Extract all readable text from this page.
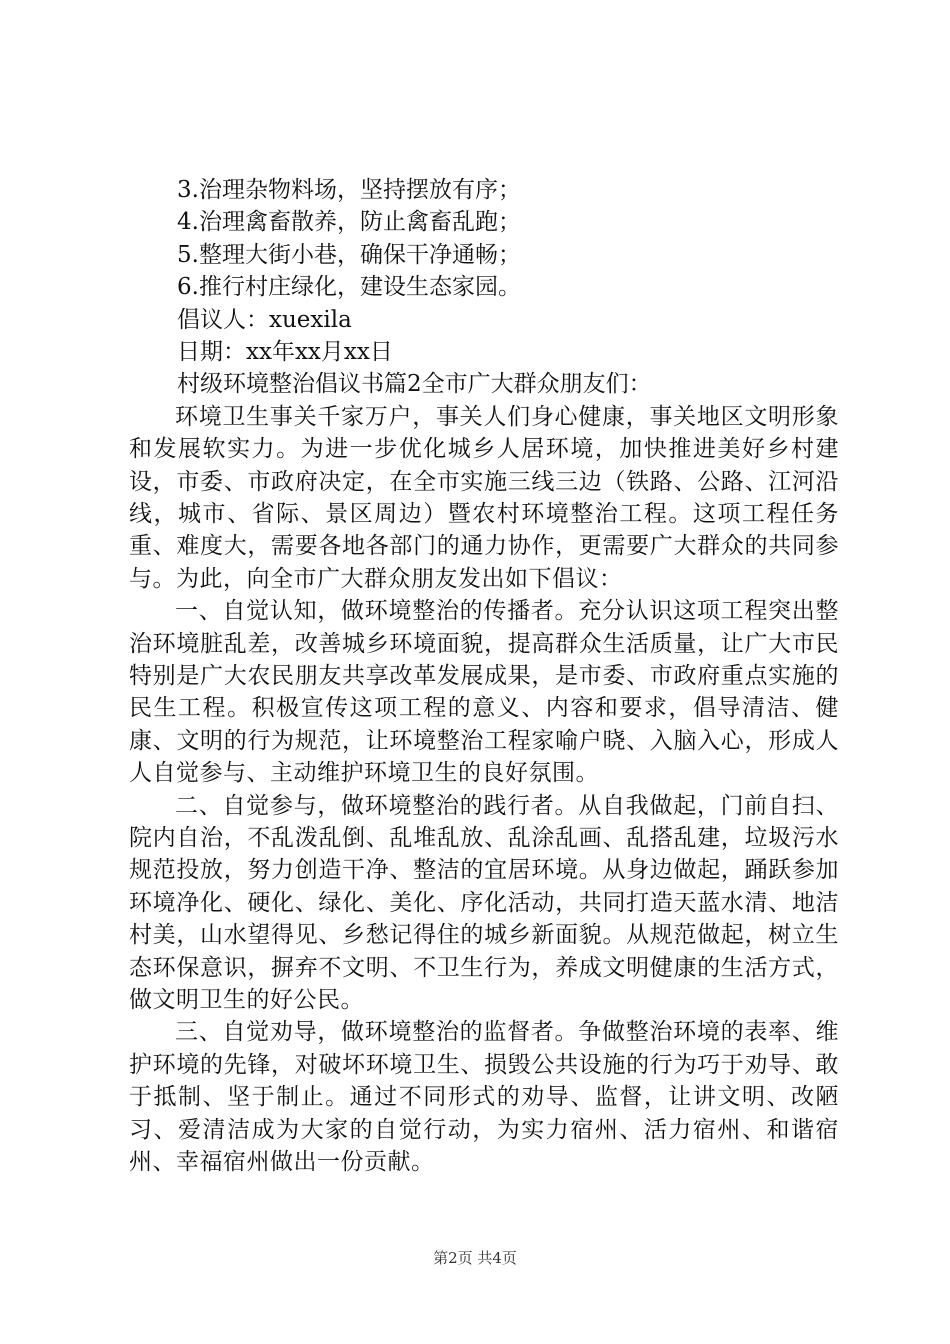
3.治理杂物料场，坚持摆放有序；
4.治理禽畜散养，防止禽畜乱跑；
5.整理大街小巷，确保干净通畅；
6.推行村庄绿化，建设生态家园。
倡议人：xuexila
日期：xx年xx月xx日
村级环境整治倡议书篇2全市广大群众朋友们：

环境卫生事关千家万户，事关人们身心健康，事关地区文明形象和发展软实力。为进一步优化城乡人居环境，加快推进美好乡村建设，市委、市政府决定，在全市实施三线三边（铁路、公路、江河沿线，城市、省际、景区周边）暨农村环境整治工程。这项工程任务重、难度大，需要各地各部门的通力协作，更需要广大群众的共同参与。为此，向全市广大群众朋友发出如下倡议：

一、自觉认知，做环境整治的传播者。充分认识这项工程突出整治环境脏乱差，改善城乡环境面貌，提高群众生活质量，让广大市民特别是广大农民朋友共享改革发展成果，是市委、市政府重点实施的民生工程。积极宣传这项工程的意义、内容和要求，倡导清洁、健康、文明的行为规范，让环境整治工程家喻户晓、入脑入心，形成人人自觉参与、主动维护环境卫生的良好氛围。

二、自觉参与，做环境整治的践行者。从自我做起，门前自扫、院内自治，不乱泼乱倒、乱堆乱放、乱涂乱画、乱搭乱建，垃圾污水规范投放，努力创造干净、整洁的宜居环境。从身边做起，踊跃参加环境净化、硬化、绿化、美化、序化活动，共同打造天蓝水清、地洁村美，山水望得见、乡愁记得住的城乡新面貌。从规范做起，树立生态环保意识，摒弃不文明、不卫生行为，养成文明健康的生活方式，做文明卫生的好公民。

三、自觉劝导，做环境整治的监督者。争做整治环境的表率、维护环境的先锋，对破坏环境卫生、损毁公共设施的行为巧于劝导、敢于抵制、坚于制止。通过不同形式的劝导、监督，让讲文明、改陋习、爱清洁成为大家的自觉行动，为实力宿州、活力宿州、和谐宿州、幸福宿州做出一份贡献。

第2页 共4页
